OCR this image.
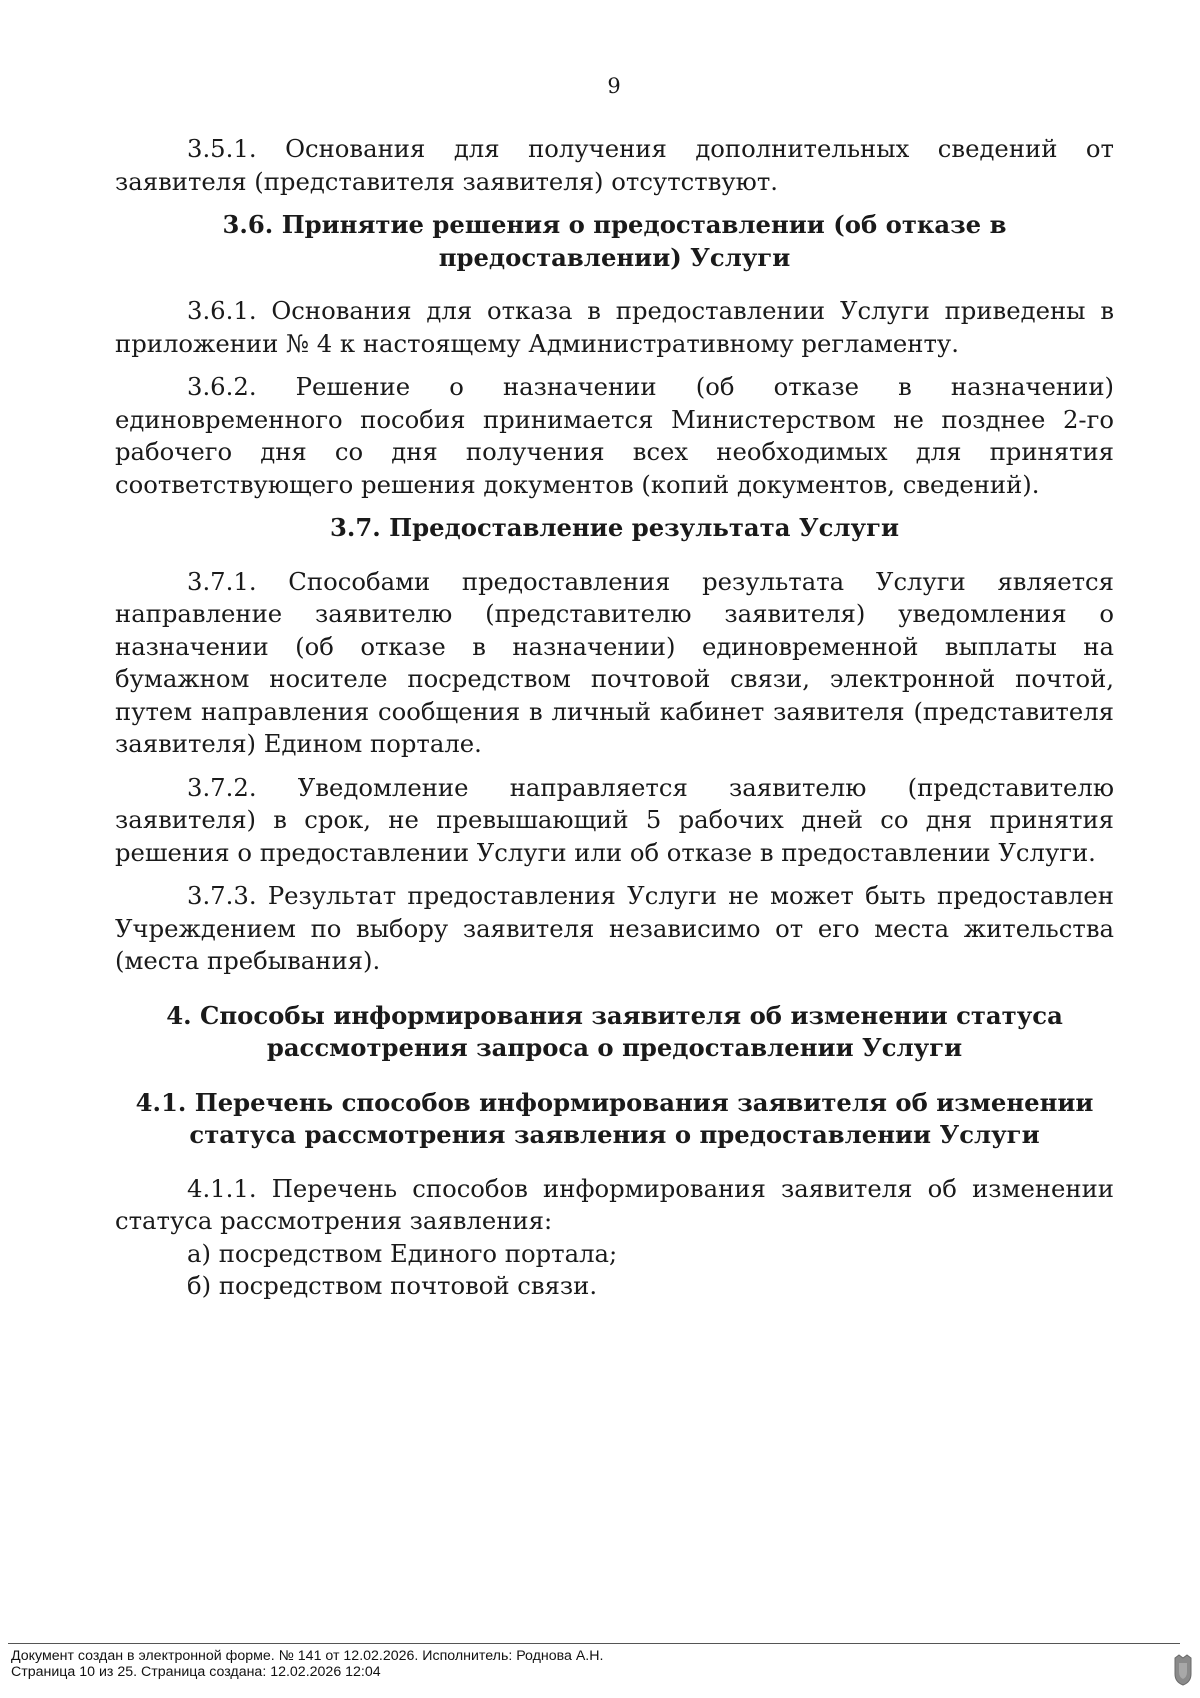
9

3.5.1. Основания для получения дополнительных сведений от заявителя (представителя заявителя) отсутствуют.

3.6. Принятие решения о предоставлении (об отказе в предоставлении) Услуги

3.6.1. Основания для отказа в предоставлении Услуги приведены в приложении № 4 к настоящему Административному регламенту.

3.6.2. Решение о назначении (об отказе в назначении) единовременного пособия принимается Министерством не позднее 2-го рабочего дня со дня получения всех необходимых для принятия соответствующего решения документов (копий документов, сведений).

3.7. Предоставление результата Услуги

3.7.1. Способами предоставления результата Услуги является направление заявителю (представителю заявителя) уведомления о назначении (об отказе в назначении) единовременной выплаты на бумажном носителе посредством почтовой связи, электронной почтой, путем направления сообщения в личный кабинет заявителя (представителя заявителя) Едином портале.

3.7.2. Уведомление направляется заявителю (представителю заявителя) в срок, не превышающий 5 рабочих дней со дня принятия решения о предоставлении Услуги или об отказе в предоставлении Услуги.

3.7.3. Результат предоставления Услуги не может быть предоставлен Учреждением по выбору заявителя независимо от его места жительства (места пребывания).

4. Способы информирования заявителя об изменении статуса рассмотрения запроса о предоставлении Услуги

4.1. Перечень способов информирования заявителя об изменении статуса рассмотрения заявления о предоставлении Услуги

4.1.1. Перечень способов информирования заявителя об изменении статуса рассмотрения заявления:

а) посредством Единого портала;

б) посредством почтовой связи.

Документ создан в электронной форме. № 141 от 12.02.2026. Исполнитель: Роднова А.Н.
Страница 10 из 25. Страница создана: 12.02.2026 12:04
